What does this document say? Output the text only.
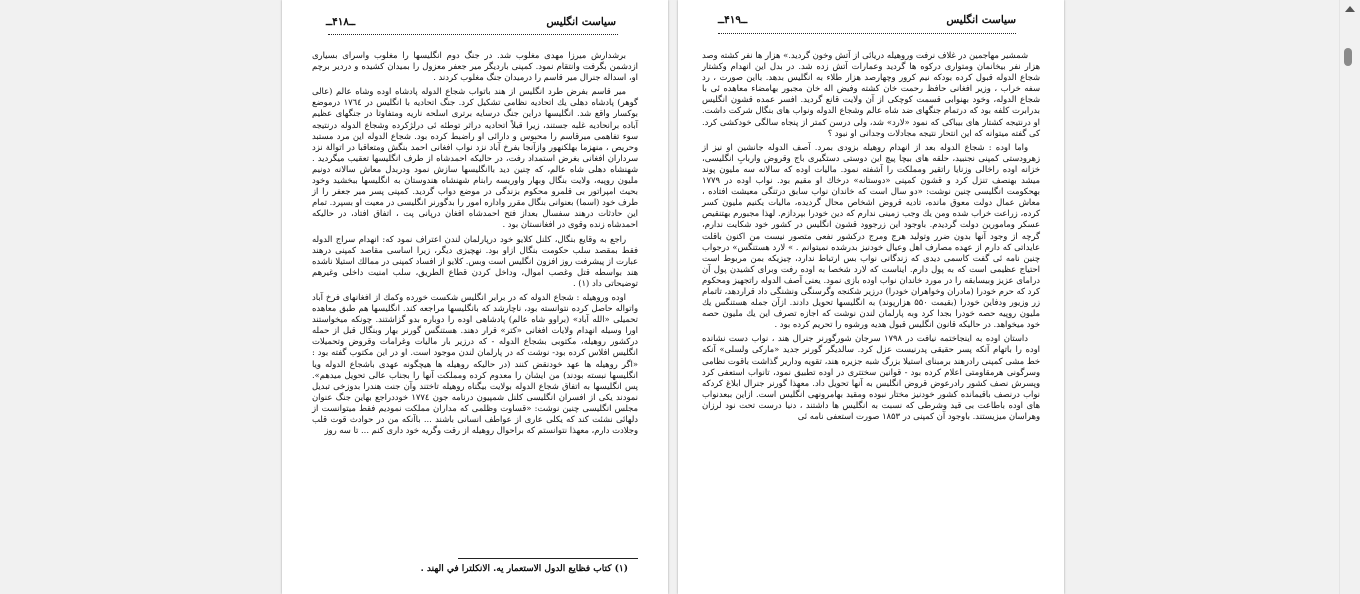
سیاست انگلیس
ــ۴۱۸ــ

برشدارش میرزا مهدی مغلوب شد. در جنگ دوم انگلیسها را مغلوب واسرای بسیاری ازدشمن بگرفت وانتقام نمود. کمپنی باردیگر میر جعفر معزول را بمیدان کشیده و دردیر برچم او، اسداله جنرال میر قاسم را درمیدان جنگ مغلوب کردند .

میر قاسم بفرض طرد انگلیس از هند باتواب شجاع الدوله پادشاه اوده وشاه عالم (عالی گوهر) پادشاه دهلی یك اتحادیه نظامی تشکیل کرد. جنگ اتحادیه با انگلیس در ۱۷٦٤ درموضع بوکسار واقع شد. انگلیسها دراین جنگ درسایه برتری اسلحه ناریه ومتفاوتا در جنگهای عظیم آباده برانحادیه غلبه جستند، زیرا قبلاً اتحادیه دراثر توطئه ئی درلژکرده وشجاع الدوله درنتیجه سوء تفاهمی میرقاسم را محبوس و دارائی او راضبط کرده بود. شجاع الدوله این مرد مستبد وحریص ، منهزما بهلکنهور وازآنجا بفرخ آباد نزد نواب افغانی احمد بنگش ومتعاقبا در اتوالة نزد سرداران افغانی بغرض استمداد رفت، در حالیکه احمدشاه از طرف انگلیسها تعقیب میگردید . شهنشاه دهلی شاه عالم، که چنین دید باانگلیسها سازش نمود ودربدل معاش سالانه دونیم ملیون روپیه، ولایت بنگال وبهار واوریسه رابنام شهنشاه هندوستان به انگلیسها ببخشید وخود بحیث امپراتور بی قلمرو محکوم بزندگی در موضع دواب گردید. کمپنی پسر میر جعفر را از طرف خود (اسما) بعنوانی بنگال مقرر واداره امور را بدگورنر انگلیسی در معیت او بسپرد. تمام این حادثات درهند سفسال بعداز فتح احمدشاه افغان درپانی پت ، اتفاق افتاد، در حالیکه احمدشاه زنده وقوی در افغانستان بود .

راجع به وقایع بنگال، کلنل کلایو خود درپارلمان لندن اعتراف نمود که: انهدام سراج الدوله فقط بمقصد سلب حکومت بنگال ازاو بود. نهچیزی دیگر، زیرا اساسی مقاصد کمپنی درهند عبارت از پیشرفت روز افزون انگلیس است وبس. کلایو از افساد کمپنی در ممالك استیلا ناشده هند بواسطه قتل وغصب اموال، وداخل کردن قطاع الطریق، سلب امنیت داخلی وغیرهم توضیحاتی داد (۱) .

اوده وروهیله : شجاع الدوله که در برابر انگلیس شکست خورده وکمك از افغانهای فرخ آباد واتواله حاصل کرده نتوانسته بود، ناچارشد که بانگلیسها مراجعه کند. انگلیسها هم طبق معاهده تحمیلی «الله آباد» (براوو شاه عالم) پادشاهی اوده را دوباره بدو گزاشتند. چونکه میخواستند اورا وسیله انهدام ولایات افغانی «کتر» قرار دهند. هستنگس گورنر بهار وبنگال قبل از حمله درکشور روهیله، مکتوبی بشجاع الدوله - که درزیر بار مالیات وغرامات وقروض وتحمیلات انگلیس افلاس کرده بود- نوشت که در پارلمان لندن موجود است. او در این مکتوب گفته بود : «اگر روهیله ها عهد خودنقض کنند (در حالیکه روهیله ها هیچگونه عهدی باشجاع الدوله ویا انگلیسها نبسته بودند) من ایشان را معدوم کرده ومملکت آنها را بجناب عالی تحویل میدهم». پس انگلیسها به اتفاق شجاع الدوله بولایت بیگناه روهیله تاختند وآن جنت هندرا بدوزخی تبدیل نمودند یکی از افسران انگلیسی کلنل شمپیون درنامه جون ۱۷۷٤ خوددراجع بهاین جنگ عنوان مجلس انگلیسی چنین نوشت: «قساوت وظلمی که مداران مملکت نمودیم فقط میتوانست از دلهائی نشئت کند که یکلی عاری از عواطف انسانی باشند ... باآنکه من در حوادث قوت قلب وجلادت دارم، معهذا نتوانستم که براحوال روهیله از رقت وگریه خود داری کنم ... تا سه روز

(۱) کتاب فظایع الدول الاستعمار یه. الانكلترا في الهند .
سیاست انگلیس
ــ۴۱۹ــ

شمشیر مهاجمین در غلاف نرفت وروهیله دریائی از آتش وخون گردید.» هزار ها نفر کشته وصد هزار نفر بیخانمان ومتواری درکوه ها گردید وعمارات آتش زده شد. در بدل این انهدام وکشتار شجاع الدوله قبول کرده بودکه نیم کرور وچهارصد هزار طلاء به انگلیس بدهد. بااین صورت ، رد سفه خراب ، وزیر افغانی حافظ رحمت خان کشته وفیض اله خان مجبور بهامضاء معاهده ئی با شجاع الدوله، وخود بهنوابی قسمت کوچکی از آن ولایت قانع گردید. افسر عمده قشون انگلیس بدرابرت کلفه بود که درتمام جنگهای ضد شاه عالم وشجاع الدوله ونواب های بنگال شرکت داشت. او درنتیجه کشتار های بیباکی که نمود «لارد» شد، ولی درسن کمتر از پنجاه سالگی خودکشی کرد. کی گفته میتوانه که این انتحار نتیجه مجادلات وجدانی او نبود ؟

واما اوده : شجاع الدوله بعد از انهدام روهیله بزودی بمرد. آصف الدوله جانشین او نیز از زهرودستی کمپنی نجنبید، حلقه های بیچا پیچ این دوستی دستگیری باج وقروض واربابِ انگلیسی، خزانه اوده راخالی وزنایا راتقیر ومملکت را آشفته نمود. مالیات اوده که سالانه سه ملیون پوند میشد بهنصف تنزل کرد و قشون کمپنی «دوستانه» درخاك او مقیم بود. نواب اوده در ۱۷۷۹ بهحکومت انگلیسی چنین نوشت: «دو سال است که خاندان نواب سابق درتنگی معیشت افتاده ، معاش عمال دولت معوق مانده، تادیه قروض اشخاص محال گردیده، مالیات یکنیم ملیون کسر کرده، زراعت خراب شده ومن یك وجب زمینی ندارم که دین خودرا بپردازم. لهذا مجبورم بهتنقیص عسکر ومامورین دولت گردیدم. باوجود این زرجوود قشون انگلیس در کشور خود شکایت ندارم، گرچه از وجود آنها بدون ضرر وتولید هرج ومرج درکشور نفعی متصور نیست من اکنون باقلت عایداتی که دارم از عهده مصارف اهل وعیال خودنیز بدرشده نمیتوانم . » لارد هستنگس» درجواب چنین نامه ئی گفت کاسمی دیدی که زندگانی نواب بس ارتباط ندارد، چیزیکه بمن مربوط است احتیاج عظیمی است که به پول دارم. ایناست که لارد شخصا به اوده رفت وبرای کشیدن پول آن درامای عزیز وبیسابقه را در مورد خاندان نواب اوده بازی نمود. یعنی آصف الدوله راتجهیز ومحکوم کرد که حرم خودرا (مادران وخواهران خودرا) درزیر شکنجه وگرسنگی ونشنگی داد قراردهد، تاتمام زر وزیور ودفاین خودرا (بقیمت ۵۵۰ هزارپوند) به انگلیسها تحویل دادند. ازآن جمله هستنگس یك ملیون روپیه حصه خودرا بجدا کرد وبه پارلمان لندن نوشت که اجازه تصرف این یك ملیون حصه خود میخواهد. در حالیکه قانون انگلیس قبول هدیه ورشوه را تحریم کرده بود .

داستان اوده به اینجاختمه نیافت در ۱۷۹۸ سرجان شورگورنر جنرال هند ، نواب دست نشانده اوده را باتهام آنکه پسر حقیقی پدرنیست عزل کرد. سالدیگر گورنر جدید «مارکی ولسلی» آنکه خط مشی کمپنی رادرهند برمبنای استیلا بزرگ شبه جزیره هند، تقویه وداریر گذاشت باقوت نظامی وسرگونی هرمقاومتی اعلام کرده بود - قوانین سختتری در اوده تطبیق نمود، تانواب استعفی کرد وپسرش نصف کشور رادرعوض قروض انگلیس به آنها تحویل داد. معهذا گورنر جنرال ابلاغ کردکه نواب درنصف باقیمانده کشور خودنیز مختار نبوده ومقید بهامرونهی انگلیس است. ازاین ببعدنواب های اوده باطاعت بی قید وشرطی که نسبت به انگلیس ها داشتند ، دنیا درست تحت نود لرزان وهراسان میزیستند. باوجود آن کمپنی در ۱۸۵۳ صورت استعفی نامه ئی
